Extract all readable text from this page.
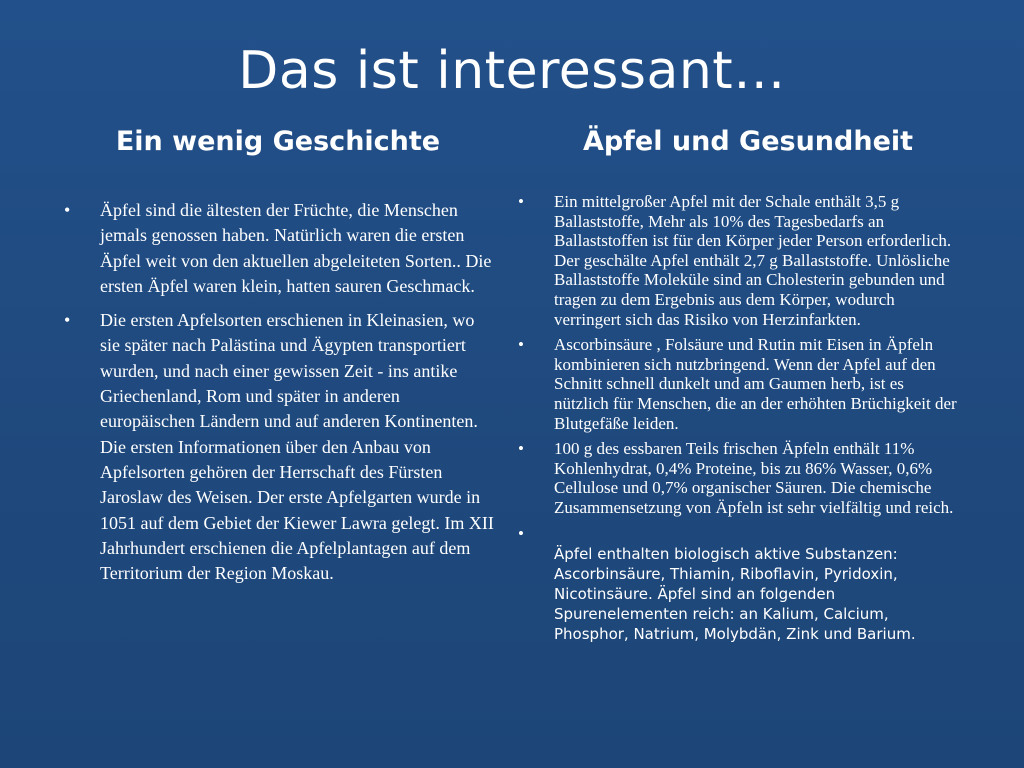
Das ist interessant…
Ein wenig Geschichte	Äpfel und Gesundheit
• Äpfel sind die ältesten der Früchte, die Menschen jemals genossen haben. Natürlich waren die ersten Äpfel weit von den aktuellen abgeleiteten Sorten.. Die ersten Äpfel waren klein, hatten sauren Geschmack.
• Die ersten Apfelsorten erschienen in Kleinasien, wo sie später nach Palästina und Ägypten transportiert wurden, und nach einer gewissen Zeit - ins antike Griechenland, Rom und später in anderen europäischen Ländern und auf anderen Kontinenten. Die ersten Informationen über den Anbau von Apfelsorten gehören der Herrschaft des Fürsten Jaroslaw des Weisen. Der erste Apfelgarten wurde in 1051 auf dem Gebiet der Kiewer Lawra gelegt. Im XII Jahrhundert erschienen die Apfelplantagen auf dem Territorium der Region Moskau.
• Ein mittelgroßer Apfel mit der Schale enthält 3,5 g Ballaststoffe, Mehr als 10% des Tagesbedarfs an Ballaststoffen ist für den Körper jeder Person erforderlich. Der geschälte Apfel enthält 2,7 g Ballaststoffe. Unlösliche Ballaststoffe Moleküle sind an Cholesterin gebunden und tragen zu dem Ergebnis aus dem Körper, wodurch verringert sich das Risiko von Herzinfarkten.
• Ascorbinsäure , Folsäure und Rutin mit Eisen in Äpfeln kombinieren sich nutzbringend. Wenn der Apfel auf den Schnitt schnell dunkelt und am Gaumen herb, ist es nützlich für Menschen, die an der erhöhten Brüchigkeit der Blutgefäße leiden.
• 100 g des essbaren Teils frischen Äpfeln enthält 11% Kohlenhydrat, 0,4% Proteine, bis zu 86% Wasser, 0,6% Cellulose und 0,7% organischer Säuren. Die chemische Zusammensetzung von Äpfeln ist sehr vielfältig und reich.
•
Äpfel enthalten biologisch aktive Substanzen: Ascorbinsäure, Thiamin, Riboflavin, Pyridoxin, Nicotinsäure. Äpfel sind an folgenden Spurenelementen reich: an Kalium, Calcium, Phosphor, Natrium, Molybdän, Zink und Barium.
